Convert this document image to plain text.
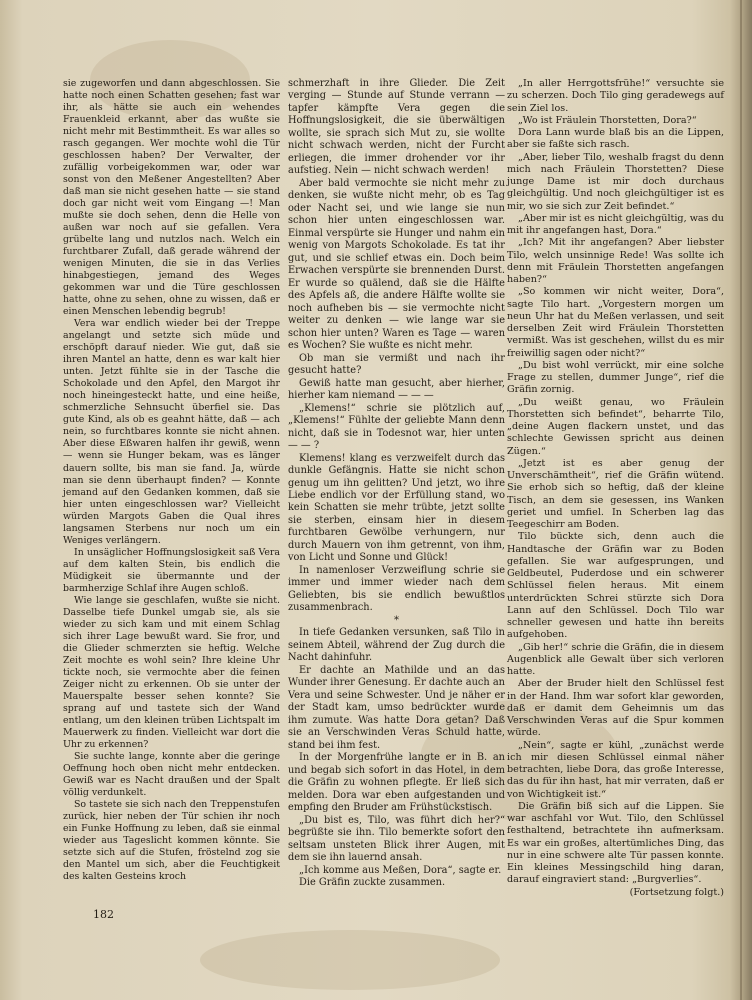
sie zugeworfen und dann abgeschlossen. Sie hatte noch einen Schatten gesehen; fast war ihr, als hätte sie auch ein wehendes Frauenkleid erkannt, aber das wußte sie nicht mehr mit Bestimmtheit. Es war alles so rasch gegangen. Wer mochte wohl die Tür geschlossen haben? Der Verwalter, der zufällig vorbeigekommen war, oder war sonst von den Meßener Angestellten? Aber daß man sie nicht gesehen hatte — sie stand doch gar nicht weit vom Eingang —! Man mußte sie doch sehen, denn die Helle von außen war noch auf sie gefallen. Vera grübelte lang und nutzlos nach. Welch ein furchtbarer Zufall, daß gerade während der wenigen Minuten, die sie in das Verlies hinabgestiegen, jemand des Weges gekommen war und die Türe geschlossen hatte, ohne zu sehen, ohne zu wissen, daß er einen Menschen lebendig begrub!

Vera war endlich wieder bei der Treppe angelangt und setzte sich müde und erschöpft darauf nieder. Wie gut, daß sie ihren Mantel an hatte, denn es war kalt hier unten. Jetzt fühlte sie in der Tasche die Schokolade und den Apfel, den Margot ihr noch hineingesteckt hatte, und eine heiße, schmerzliche Sehnsucht überfiel sie. Das gute Kind, als ob es geahnt hätte, daß — ach nein, so furchtbares konnte sie nicht ahnen. Aber diese Eßwaren halfen ihr gewiß, wenn — wenn sie Hunger bekam, was es länger dauern sollte, bis man sie fand. Ja, würde man sie denn überhaupt finden? — Konnte jemand auf den Gedanken kommen, daß sie hier unten eingeschlossen war? Vielleicht würden Margots Gaben die Qual ihres langsamen Sterbens nur noch um ein Weniges verlängern.

In unsäglicher Hoffnungslosigkeit saß Vera auf dem kalten Stein, bis endlich die Müdigkeit sie übermannte und der barmherzige Schlaf ihre Augen schloß.

Wie lange sie geschlafen, wußte sie nicht. Dasselbe tiefe Dunkel umgab sie, als sie wieder zu sich kam und mit einem Schlag sich ihrer Lage bewußt ward. Sie fror, und die Glieder schmerzten sie heftig. Welche Zeit mochte es wohl sein? Ihre kleine Uhr tickte noch, sie vermochte aber die feinen Zeiger nicht zu erkennen. Ob sie unter der Mauerspalte besser sehen konnte? Sie sprang auf und tastete sich der Wand entlang, um den kleinen trüben Lichtspalt im Mauerwerk zu finden. Vielleicht war dort die Uhr zu erkennen?

Sie suchte lange, konnte aber die geringe Oeffnung hoch oben nicht mehr entdecken. Gewiß war es Nacht draußen und der Spalt völlig verdunkelt.

So tastete sie sich nach den Treppenstufen zurück, hier neben der Tür schien ihr noch ein Funke Hoffnung zu leben, daß sie einmal wieder aus Tageslicht kommen könnte. Sie setzte sich auf die Stufen, fröstelnd zog sie den Mantel um sich, aber die Feuchtigkeit des kalten Gesteins kroch

schmerzhaft in ihre Glieder. Die Zeit verging — Stunde auf Stunde verrann — tapfer kämpfte Vera gegen die Hoffnungslosigkeit, die sie überwältigen wollte, sie sprach sich Mut zu, sie wollte nicht schwach werden, nicht der Furcht erliegen, die immer drohender vor ihr aufstieg. Nein — nicht schwach werden!

Aber bald vermochte sie nicht mehr zu denken, sie wußte nicht mehr, ob es Tag oder Nacht sei, und wie lange sie nun schon hier unten eingeschlossen war. Einmal verspürte sie Hunger und nahm ein wenig von Margots Schokolade. Es tat ihr gut, und sie schlief etwas ein. Doch beim Erwachen verspürte sie brennenden Durst. Er wurde so quälend, daß sie die Hälfte des Apfels aß, die andere Hälfte wollte sie noch aufheben bis — sie vermochte nicht weiter zu denken — wie lange war sie schon hier unten? Waren es Tage — waren es Wochen? Sie wußte es nicht mehr.

Ob man sie vermißt und nach ihr gesucht hatte?

Gewiß hatte man gesucht, aber hierher, hierher kam niemand — — —

„Klemens!“ schrie sie plötzlich auf, „Klemens!“ Fühlte der geliebte Mann denn nicht, daß sie in Todesnot war, hier unten — — ?

Klemens! klang es verzweifelt durch das dunkle Gefängnis. Hatte sie nicht schon genug um ihn gelitten? Und jetzt, wo ihre Liebe endlich vor der Erfüllung stand, wo kein Schatten sie mehr trübte, jetzt sollte sie sterben, einsam hier in diesem furchtbaren Gewölbe verhungern, nur durch Mauern von ihm getrennt, von ihm, von Licht und Sonne und Glück!

In namenloser Verzweiflung schrie sie immer und immer wieder nach dem Geliebten, bis sie endlich bewußtlos zusammenbrach.

*

In tiefe Gedanken versunken, saß Tilo in seinem Abteil, während der Zug durch die Nacht dahinfuhr.

Er dachte an Mathilde und an das Wunder ihrer Genesung. Er dachte auch an Vera und seine Schwester. Und je näher er der Stadt kam, umso bedrückter wurde ihm zumute. Was hatte Dora getan? Daß sie an Verschwinden Veras Schuld hatte, stand bei ihm fest.

In der Morgenfrühe langte er in B. an und begab sich sofort in das Hotel, in dem die Gräfin zu wohnen pflegte. Er ließ sich melden. Dora war eben aufgestanden und empfing den Bruder am Frühstückstisch.

„Du bist es, Tilo, was führt dich her?“ begrüßte sie ihn. Tilo bemerkte sofort den seltsam unsteten Blick ihrer Augen, mit dem sie ihn lauernd ansah.

„Ich komme aus Meßen, Dora“, sagte er.

Die Gräfin zuckte zusammen.

„In aller Herrgottsfrühe!“ versuchte sie zu scherzen. Doch Tilo ging geradewegs auf sein Ziel los.

„Wo ist Fräulein Thorstetten, Dora?“

Dora Lann wurde blaß bis an die Lippen, aber sie faßte sich rasch.

„Aber, lieber Tilo, weshalb fragst du denn mich nach Fräulein Thorstetten? Diese junge Dame ist mir doch durchaus gleichgültig. Und noch gleichgültiger ist es mir, wo sie sich zur Zeit befindet.“

„Aber mir ist es nicht gleichgültig, was du mit ihr angefangen hast, Dora.“

„Ich? Mit ihr angefangen? Aber liebster Tilo, welch unsinnige Rede! Was sollte ich denn mit Fräulein Thorstetten angefangen haben?“

„So kommen wir nicht weiter, Dora“, sagte Tilo hart. „Vorgestern morgen um neun Uhr hat du Meßen verlassen, und seit derselben Zeit wird Fräulein Thorstetten vermißt. Was ist geschehen, willst du es mir freiwillig sagen oder nicht?“

„Du bist wohl verrückt, mir eine solche Frage zu stellen, dummer Junge“, rief die Gräfin zornig.

„Du weißt genau, wo Fräulein Thorstetten sich befindet“, beharrte Tilo, „deine Augen flackern unstet, und das schlechte Gewissen spricht aus deinen Zügen.“

„Jetzt ist es aber genug der Unverschämtheit“, rief die Gräfin wütend. Sie erhob sich so heftig, daß der kleine Tisch, an dem sie gesessen, ins Wanken geriet und umfiel. In Scherben lag das Teegeschirr am Boden.

Tilo bückte sich, denn auch die Handtasche der Gräfin war zu Boden gefallen. Sie war aufgesprungen, und Geldbeutel, Puderdose und ein schwerer Schlüssel fielen heraus. Mit einem unterdrückten Schrei stürzte sich Dora Lann auf den Schlüssel. Doch Tilo war schneller gewesen und hatte ihn bereits aufgehoben.

„Gib her!“ schrie die Gräfin, die in diesem Augenblick alle Gewalt über sich verloren hatte.

Aber der Bruder hielt den Schlüssel fest in der Hand. Ihm war sofort klar geworden, daß er damit dem Geheimnis um das Verschwinden Veras auf die Spur kommen würde.

„Nein“, sagte er kühl, „zunächst werde ich mir diesen Schlüssel einmal näher betrachten, liebe Dora, das große Interesse, das du für ihn hast, hat mir verraten, daß er von Wichtigkeit ist.“

Die Gräfin biß sich auf die Lippen. Sie war aschfahl vor Wut. Tilo, den Schlüssel festhaltend, betrachtete ihn aufmerksam. Es war ein großes, altertümliches Ding, das nur in eine schwere alte Tür passen konnte. Ein kleines Messingschild hing daran, darauf eingraviert stand: „Burgverlies“.

(Fortsetzung folgt.)

182
